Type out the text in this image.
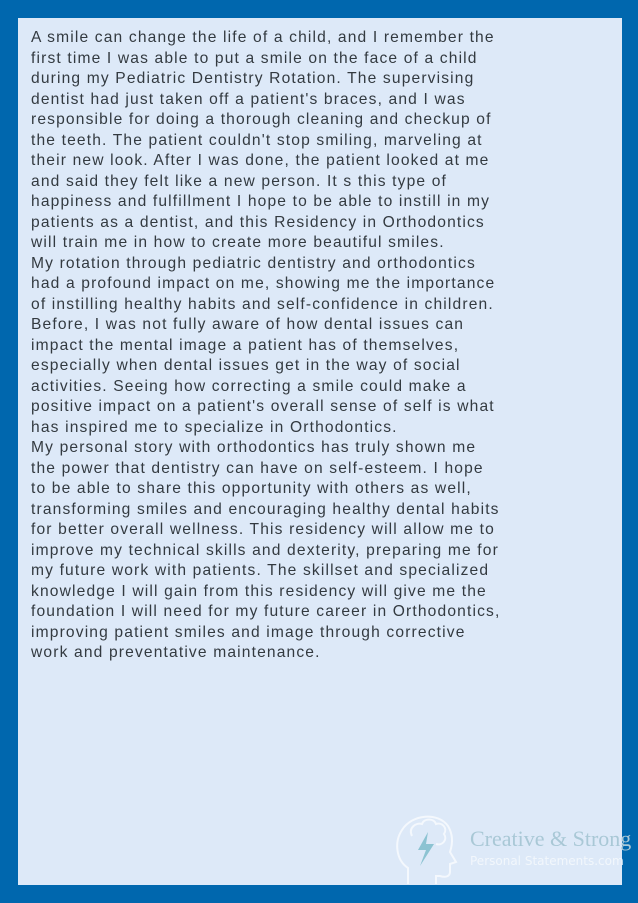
A smile can change the life of a child, and I remember the
first time I was able to put a smile on the face of a child
during my Pediatric Dentistry Rotation. The supervising
dentist had just taken off a patient's braces, and I was
responsible for doing a thorough cleaning and checkup of
the teeth. The patient couldn't stop smiling, marveling at
their new look. After I was done, the patient looked at me
and said they felt like a new person. It s this type of
happiness and fulfillment I hope to be able to instill in my
patients as a dentist, and this Residency in Orthodontics
will train me in how to create more beautiful smiles.
My rotation through pediatric dentistry and orthodontics
had a profound impact on me, showing me the importance
of instilling healthy habits and self-confidence in children.
Before, I was not fully aware of how dental issues can
impact the mental image a patient has of themselves,
especially when dental issues get in the way of social
activities. Seeing how correcting a smile could make a
positive impact on a patient's overall sense of self is what
has inspired me to specialize in Orthodontics.
My personal story with orthodontics has truly shown me
the power that dentistry can have on self-esteem. I hope
to be able to share this opportunity with others as well,
transforming smiles and encouraging healthy dental habits
for better overall wellness. This residency will allow me to
improve my technical skills and dexterity, preparing me for
my future work with patients. The skillset and specialized
knowledge I will gain from this residency will give me the
foundation I will need for my future career in Orthodontics,
improving patient smiles and image through corrective
work and preventative maintenance.
Creative & Strong
Personal Statements.com
